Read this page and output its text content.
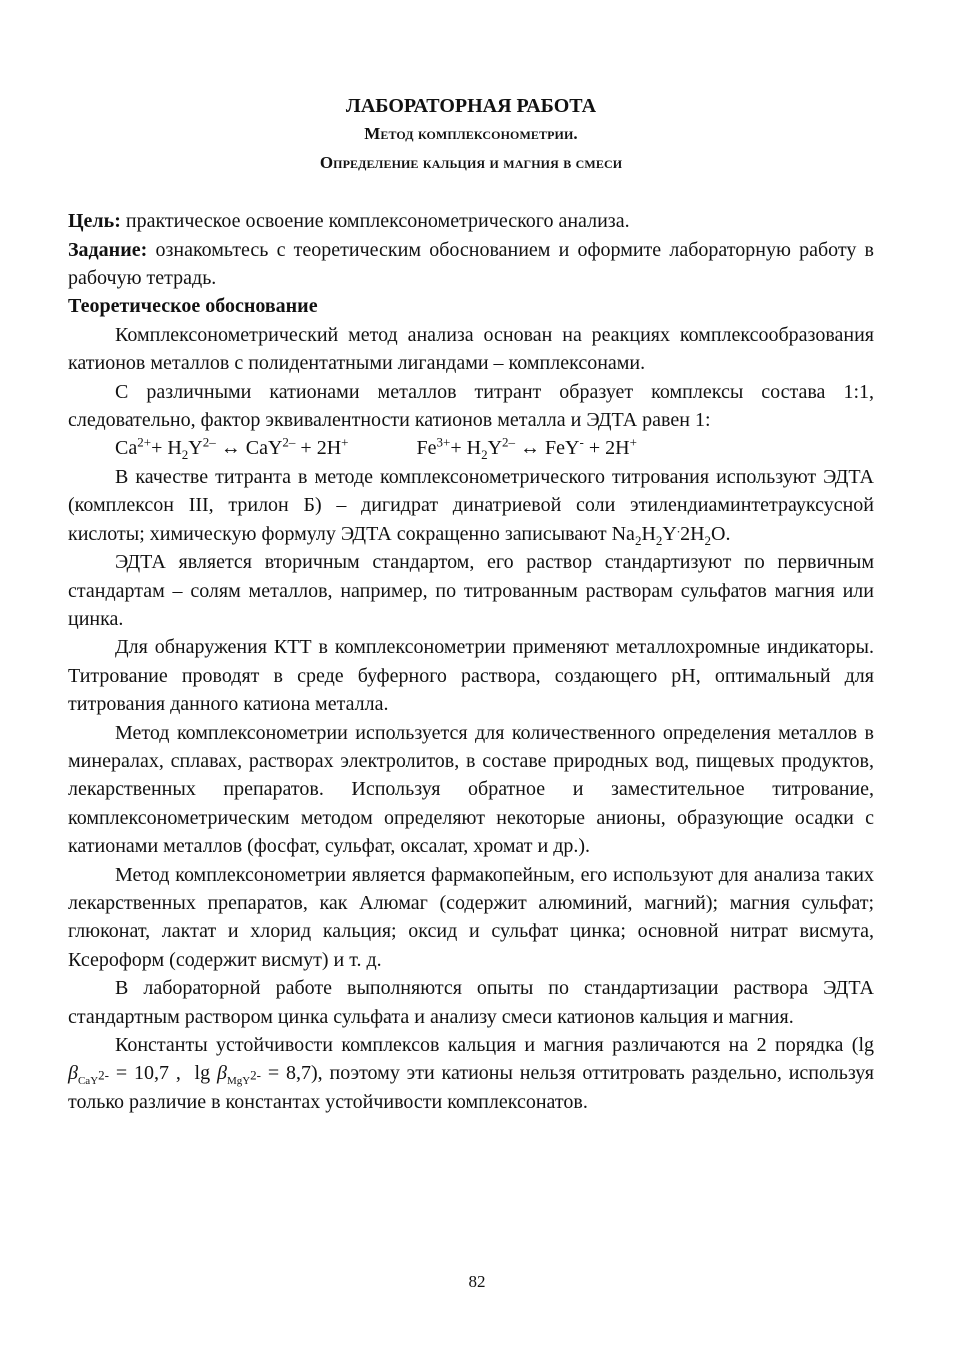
ЛАБОРАТОРНАЯ РАБОТА
Метод комплексонометрии.
Определение кальция и магния в смеси

Цель: практическое освоение комплексонометрического анализа.

Задание: ознакомьтесь с теоретическим обоснованием и оформите лабораторную работу в рабочую тетрадь.

Теоретическое обоснование

Комплексонометрический метод анализа основан на реакциях комплексообразования катионов металлов с полидентатными лигандами – комплексонами.

С различными катионами металлов титрант образует комплексы состава 1:1, следовательно, фактор эквивалентности катионов металла и ЭДТА равен 1:

$Ca^{2+}+ H_2Y^{2-}$ ↔ CaY$^{2-}$ + 2H+	$Fe^{3+}+ H_2Y^{2-}$ ↔ FeY- + 2H+

В качестве титранта в методе комплексонометрического титрования используют ЭДТА (комплексон III, трилон Б) – дигидрат динатриевой соли этилендиаминтетрауксусной кислоты; химическую формулу ЭДТА сокращенно записывают $Na_2H_2Y^.2H_2O$.

ЭДТА является вторичным стандартом, его раствор стандартизуют по первичным стандартам – солям металлов, например, по титрованным растворам сульфатов магния или цинка.

Для обнаружения КТТ в комплексонометрии применяют металлохромные индикаторы. Титрование проводят в среде буферного раствора, создающего pH, оптимальный для титрования данного катиона металла.

Метод комплексонометрии используется для количественного определения металлов в минералах, сплавах, растворах электролитов, в составе природных вод, пищевых продуктов, лекарственных препаратов. Используя обратное и заместительное титрование, комплексонометрическим методом определяют некоторые анионы, образующие осадки с катионами металлов (фосфат, сульфат, оксалат, хромат и др.).

Метод комплексонометрии является фармакопейным, его используют для анализа таких лекарственных препаратов, как Алюмаг (содержит алюминий, магний); магния сульфат; глюконат, лактат и хлорид кальция; оксид и сульфат цинка; основной нитрат висмута, Ксероформ (содержит висмут) и т. д.

В лабораторной работе выполняются опыты по стандартизации раствора ЭДТА стандартным раствором цинка сульфата и анализу смеси катионов кальция и магния.

Константы устойчивости комплексов кальция и магния различаются на 2 порядка (lg $\beta_{CaY^{2-}} = 10,7$ ,  $\lg \beta_{MgY^{2-}} = 8,7$), поэтому эти катионы нельзя оттитровать раздельно, используя только различие в константах устойчивости комплексонатов.

82
